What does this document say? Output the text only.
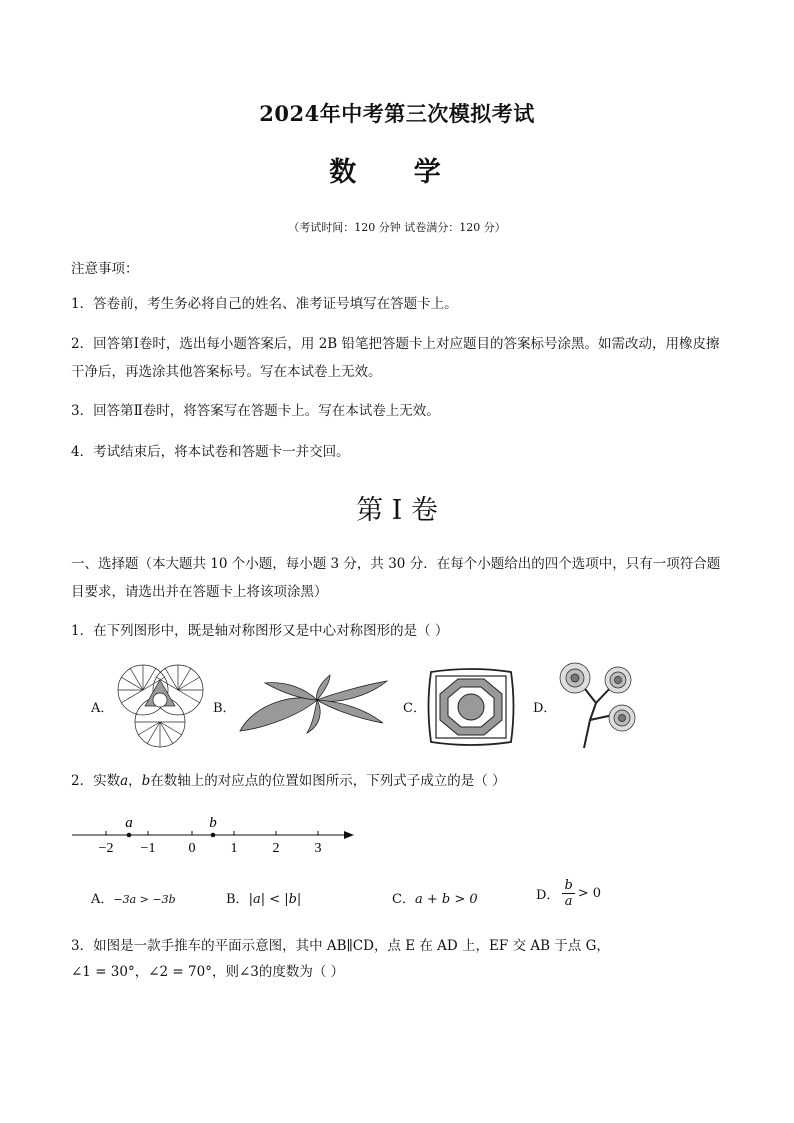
2024年中考第三次模拟考试
数 学
（考试时间：120 分钟 试卷满分：120 分）
注意事项：
1．答卷前，考生务必将自己的姓名、准考证号填写在答题卡上。
2．回答第Ⅰ卷时，选出每小题答案后，用 2B 铅笔把答题卡上对应题目的答案标号涂黑。如需改动，用橡皮擦干净后，再选涂其他答案标号。写在本试卷上无效。
3．回答第Ⅱ卷时，将答案写在答题卡上。写在本试卷上无效。
4．考试结束后，将本试卷和答题卡一并交回。
第 I 卷
一、选择题（本大题共 10 个小题，每小题 3 分，共 30 分．在每个小题给出的四个选项中，只有一项符合题目要求，请选出并在答题卡上将该项涂黑）
1．在下列图形中，既是轴对称图形又是中心对称图形的是（ ）
A．	B．	C．	D．
2．实数a，b在数轴上的对应点的位置如图所示，下列式子成立的是（ ）
a	b
−2 −1 0	1	2	3
A．−3a > −3b	B．|a| < |b|	C．a + b > 0	D． $\frac{b}{a} > 0$
3．如图是一款手推车的平面示意图，其中 AB∥CD，点 E 在 AD 上，EF 交 AB 于点 G，
∠1 = 30°，∠2 = 70°，则∠3的度数为（ ）
